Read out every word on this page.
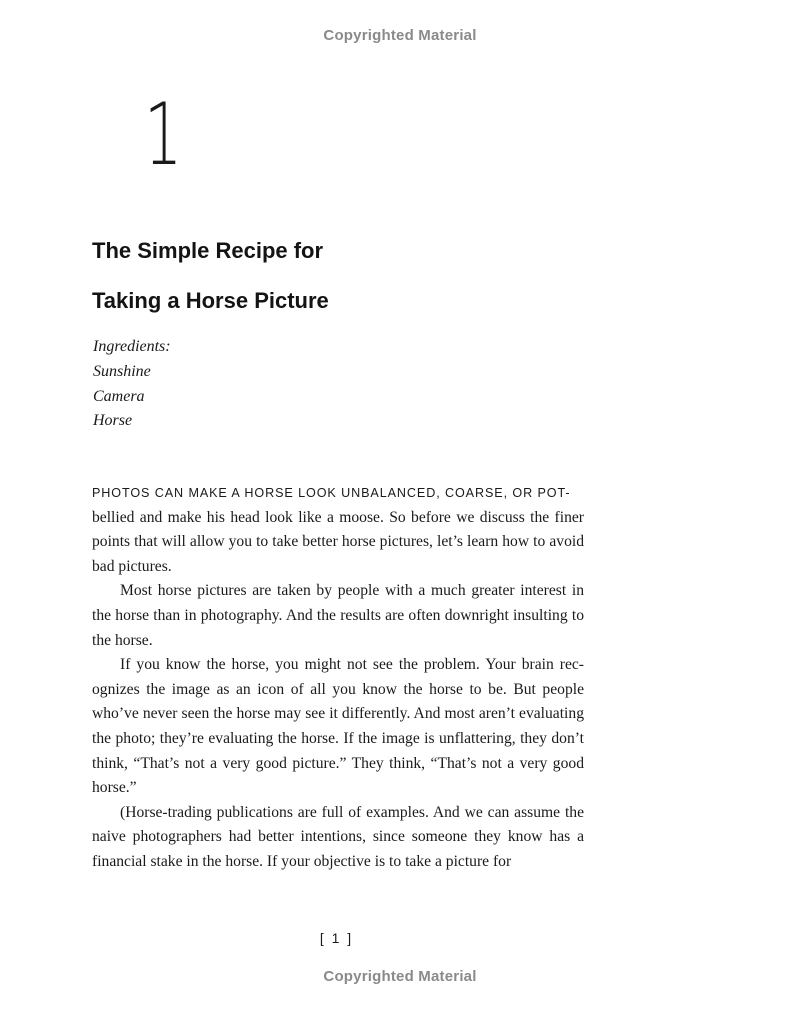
Copyrighted Material
1
The Simple Recipe for
Taking a Horse Picture
Ingredients:
Sunshine
Camera
Horse

PHOTOS CAN MAKE A HORSE LOOK UNBALANCED, COARSE, OR POT-
bellied and make his head look like a moose. So before we discuss the finer points that will allow you to take better horse pictures, let’s learn how to avoid bad pictures.

Most horse pictures are taken by people with a much greater interest in the horse than in photography. And the results are often downright insulting to the horse.

If you know the horse, you might not see the problem. Your brain recognizes the image as an icon of all you know the horse to be. But people who’ve never seen the horse may see it differently. And most aren’t evaluating the photo; they’re evaluating the horse. If the image is unflattering, they don’t think, “That’s not a very good picture.” They think, “That’s not a very good horse.”

(Horse-trading publications are full of examples. And we can assume the naive photographers had better intentions, since someone they know has a financial stake in the horse. If your objective is to take a picture for

[ 1 ]
Copyrighted Material
